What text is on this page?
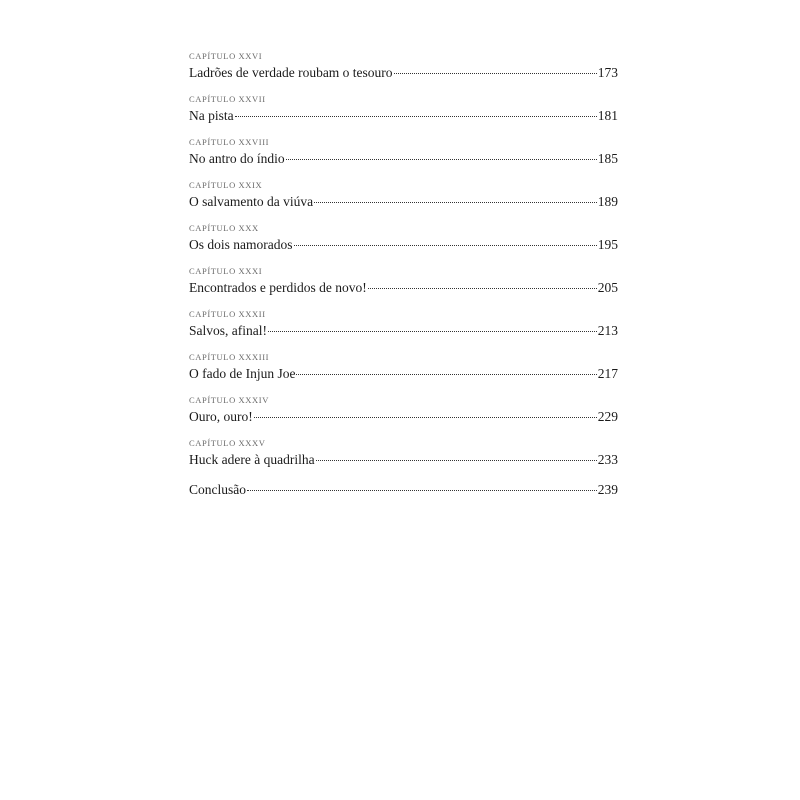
CAPÍTULO XXVI
Ladrões de verdade roubam o tesouro	173
CAPÍTULO XXVII
Na pista	181
CAPÍTULO XXVIII
No antro do índio	185
CAPÍTULO XXIX
O salvamento da viúva	189
CAPÍTULO XXX
Os dois namorados	195
CAPÍTULO XXXI
Encontrados e perdidos de novo!	205
CAPÍTULO XXXII
Salvos, afinal!	213
CAPÍTULO XXXIII
O fado de Injun Joe	217
CAPÍTULO XXXIV
Ouro, ouro!	229
CAPÍTULO XXXV
Huck adere à quadrilha	233
Conclusão	239
